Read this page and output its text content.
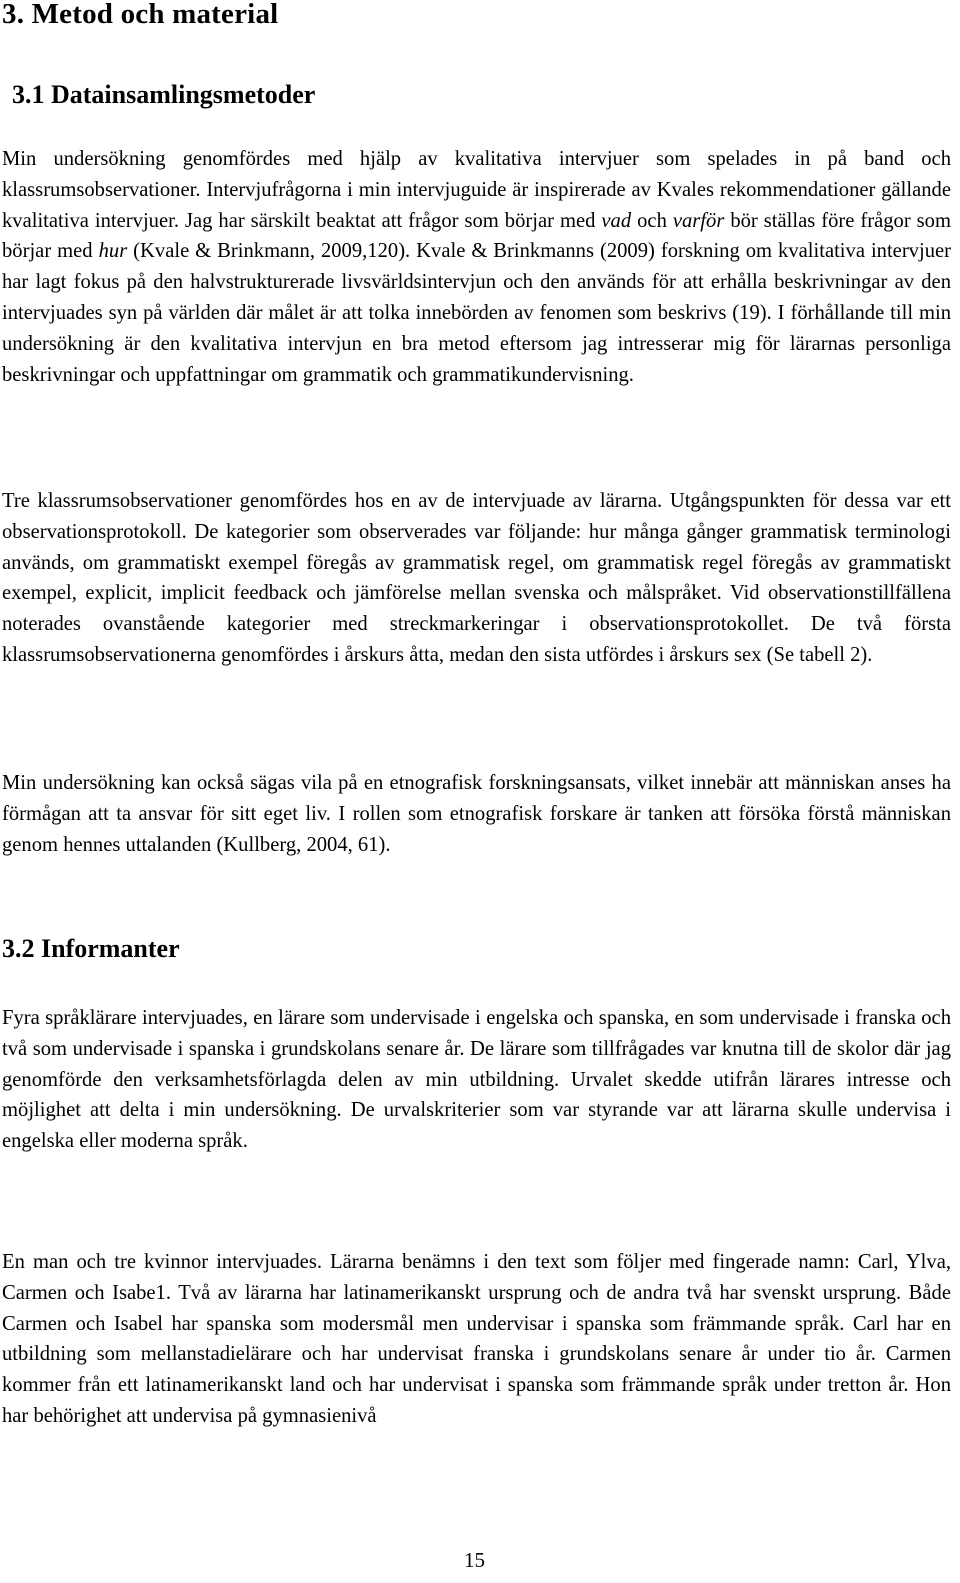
3. Metod och material
3.1 Datainsamlingsmetoder

Min undersökning genomfördes med hjälp av kvalitativa intervjuer som spelades in på band och klassrumsobservationer. Intervjufrågorna i min intervjuguide är inspirerade av Kvales rekommendationer gällande kvalitativa intervjuer. Jag har särskilt beaktat att frågor som börjar med vad och varför bör ställas före frågor som börjar med hur (Kvale & Brinkmann, 2009,120). Kvale & Brinkmanns (2009) forskning om kvalitativa intervjuer har lagt fokus på den halvstrukturerade livsvärldsintervjun och den används för att erhålla beskrivningar av den intervjuades syn på världen där målet är att tolka innebörden av fenomen som beskrivs (19). I förhållande till min undersökning är den kvalitativa intervjun en bra metod eftersom jag intresserar mig för lärarnas personliga beskrivningar och uppfattningar om grammatik och grammatikundervisning.

Tre klassrumsobservationer genomfördes hos en av de intervjuade av lärarna. Utgångspunkten för dessa var ett observationsprotokoll. De kategorier som observerades var följande: hur många gånger grammatisk terminologi används, om grammatiskt exempel föregås av grammatisk regel, om grammatisk regel föregås av grammatiskt exempel, explicit, implicit feedback och jämförelse mellan svenska och målspråket. Vid observationstillfällena noterades ovanstående kategorier med streckmarkeringar i observationsprotokollet. De två första klassrumsobservationerna genomfördes i årskurs åtta, medan den sista utfördes i årskurs sex (Se tabell 2).

Min undersökning kan också sägas vila på en etnografisk forskningsansats, vilket innebär att människan anses ha förmågan att ta ansvar för sitt eget liv. I rollen som etnografisk forskare är tanken att försöka förstå människan genom hennes uttalanden (Kullberg, 2004, 61).

3.2 Informanter

Fyra språklärare intervjuades, en lärare som undervisade i engelska och spanska, en som undervisade i franska och två som undervisade i spanska i grundskolans senare år. De lärare som tillfrågades var knutna till de skolor där jag genomförde den verksamhetsförlagda delen av min utbildning. Urvalet skedde utifrån lärares intresse och möjlighet att delta i min undersökning. De urvalskriterier som var styrande var att lärarna skulle undervisa i engelska eller moderna språk.

En man och tre kvinnor intervjuades. Lärarna benämns i den text som följer med fingerade namn: Carl, Ylva, Carmen och Isabe1. Två av lärarna har latinamerikanskt ursprung och de andra två har svenskt ursprung. Både Carmen och Isabel har spanska som modersmål men undervisar i spanska som främmande språk. Carl har en utbildning som mellanstadielärare och har undervisat franska i grundskolans senare år under tio år. Carmen kommer från ett latinamerikanskt land och har undervisat i spanska som främmande språk under tretton år. Hon har behörighet att undervisa på gymnasienivå

15
